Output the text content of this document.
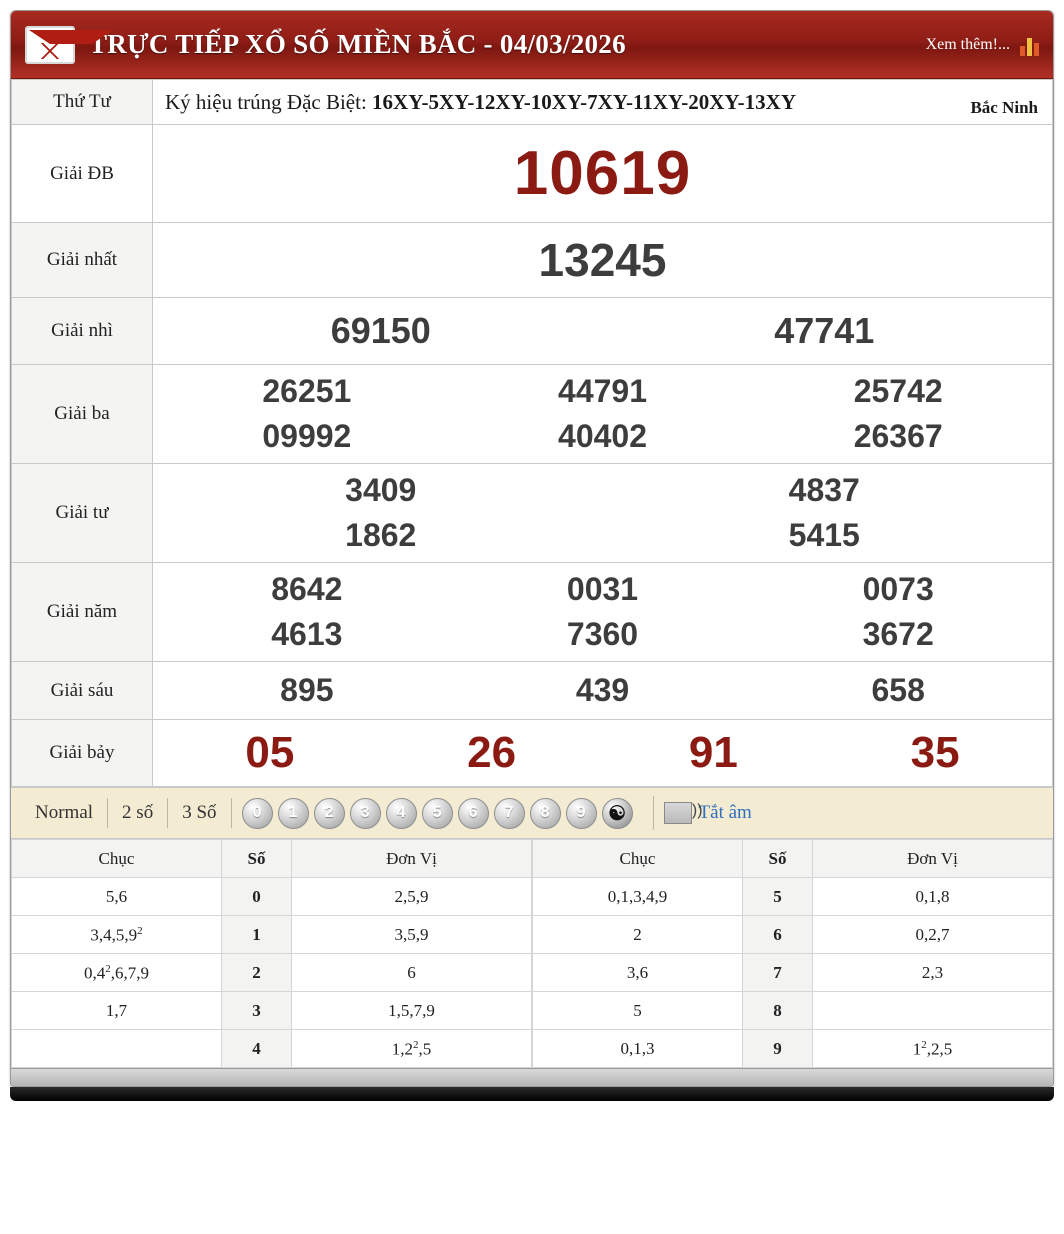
TRỰC TIẾP XỔ SỐ MIỀN BẮC - 04/03/2026	Xem thêm!...
Thứ Tư	Ký hiệu trúng Đặc Biệt: 16XY-5XY-12XY-10XY-7XY-11XY-20XY-13XY Bắc Ninh

Giải ĐB	10619

Giải nhất	13245

Giải nhì	69150 47741

Giải ba	
26251	44791	25742
09992	40402	26367

Giải tư	3409 4837
1862 5415

Giải năm	
8642	0031	0073
4613	7360	3672

Giải sáu	895 439 658

Giải bảy	05 26 91 35
Normal	2 số	3 Số	0	1	2	3	4	5	6	7	8	9	☯ ))	Tắt âm
Chục	Số	Đơn Vị
5,6	0	2,5,9
3,4,5,9$^2$	1	3,5,9
$0,4^2,6,7,9$	2	6
1,7	3	1,5,7,9
	4	$1,2^2,5$
Chục	Số	Đơn Vị
0,1,3,4,9	5	0,1,8
2	6	0,2,7
3,6	7	2,3
5	8	
0,1,3	9	$1^2,2,5$
